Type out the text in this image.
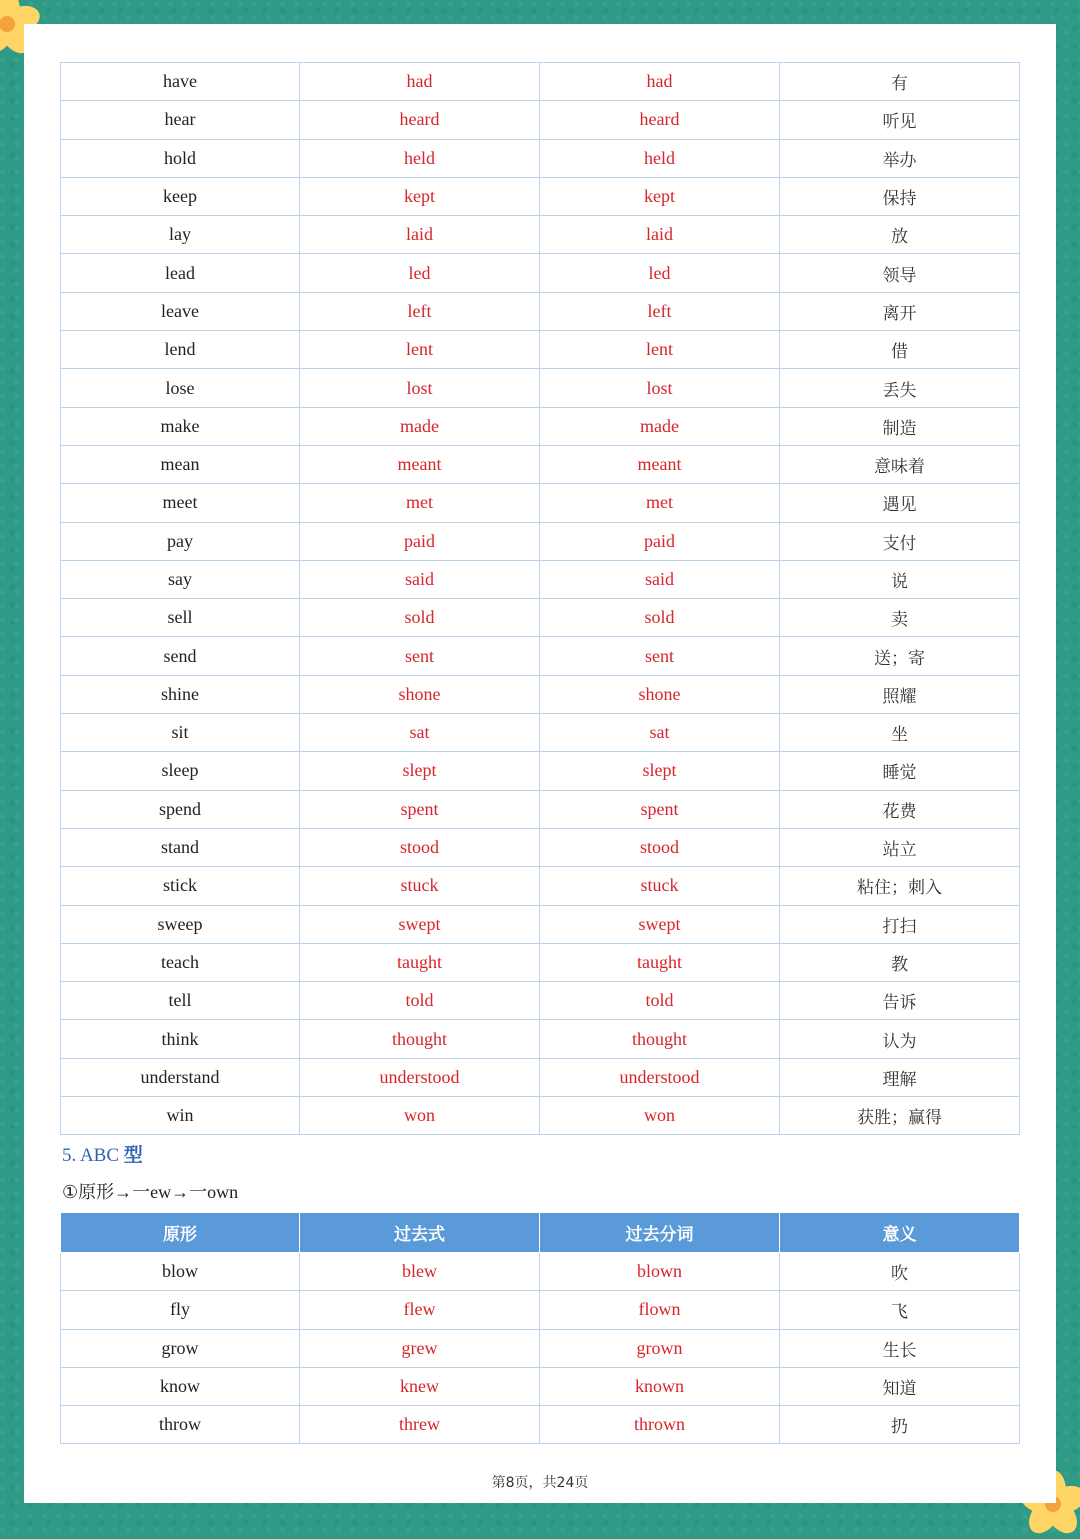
have	had	had	有
hear	heard	heard	听见
hold	held	held	举办
keep	kept	kept	保持
lay	laid	laid	放
lead	led	led	领导
leave	left	left	离开
lend	lent	lent	借
lose	lost	lost	丢失
make	made	made	制造
mean	meant	meant	意味着
meet	met	met	遇见
pay	paid	paid	支付
say	said	said	说
sell	sold	sold	卖
send	sent	sent	送；寄
shine	shone	shone	照耀
sit	sat	sat	坐
sleep	slept	slept	睡觉
spend	spent	spent	花费
stand	stood	stood	站立
stick	stuck	stuck	粘住；刺入
sweep	swept	swept	打扫
teach	taught	taught	教
tell	told	told	告诉
think	thought	thought	认为
understand	understood	understood	理解
win	won	won	获胜；赢得
5. ABC 型
①原形→一ew→一own
原形	过去式	过去分词	意义
blow	blew	blown	吹
fly	flew	flown	飞
grow	grew	grown	生长
know	knew	known	知道
throw	threw	thrown	扔
第8页，共24页
